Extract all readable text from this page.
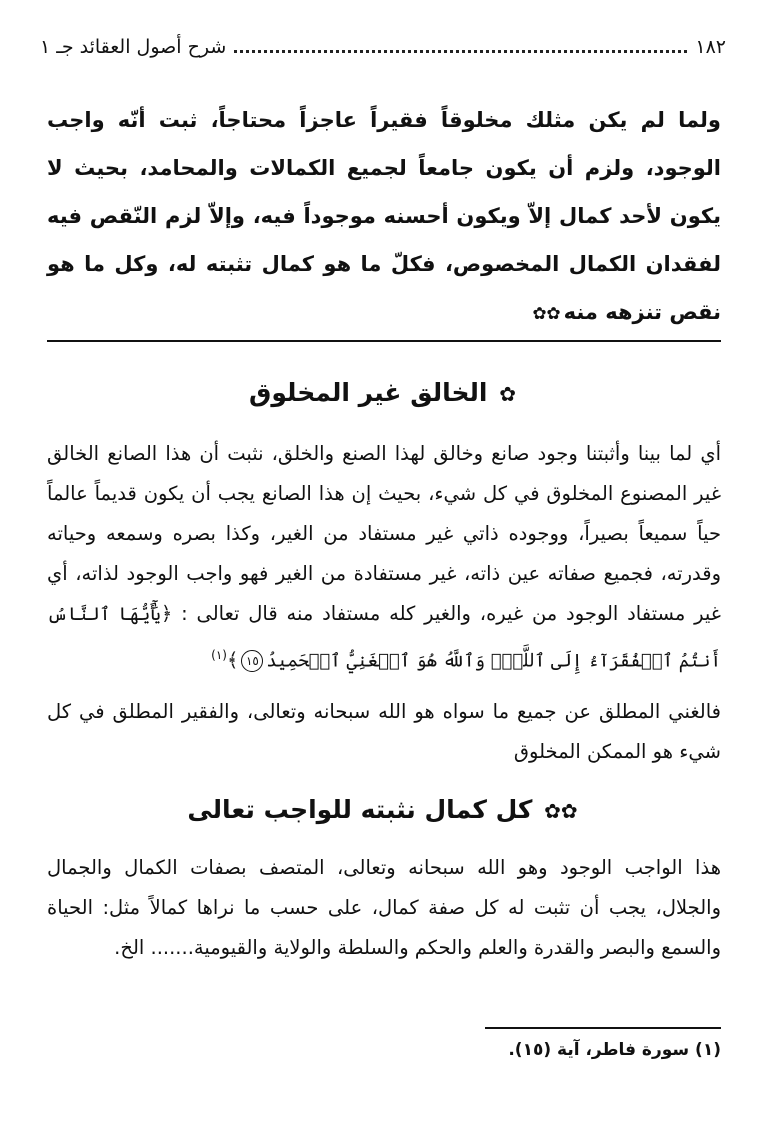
١٨٢
شرح أصول العقائد جـ ١
ولما لم يكن مثلك مخلوقاً فقيراً عاجزاً محتاجاً، ثبت أنّه واجب الوجود، ولزم أن يكون جامعاً لجميع الكمالات والمحامد، بحيث لا يكون لأحد كمال إلاّ ويكون أحسنه موجوداً فيه، وإلاّ لزم النّقص فيه لفقدان الكمال المخصوص، فكلّ ما هو كمال تثبته له، وكل ما هو نقص تنزهه منه✿✿
✿ الخالق غير المخلوق
أي لما بينا وأثبتنا وجود صانع وخالق لهذا الصنع والخلق، نثبت أن هذا الصانع الخالق غير المصنوع المخلوق في كل شيء، بحيث إن هذا الصانع يجب أن يكون قديماً عالماً حياً سميعاً بصيراً، ووجوده ذاتي غير مستفاد من الغير، وكذا بصره وسمعه وحياته وقدرته، فجميع صفاته عين ذاته، غير مستفادة من الغير فهو واجب الوجود لذاته، أي غير مستفاد الوجود من غيره، والغير كله مستفاد منه قال تعالى : ﴿يَٰٓأَيُّهَا ٱلنَّاسُ أَنتُمُ ٱلۡفُقَرَآءُ إِلَى ٱللَّهِۖ وَٱللَّهُ هُوَ ٱلۡغَنِيُّ ٱلۡحَمِيدُ١٥﴾$^{(١)}$
فالغني المطلق عن جميع ما سواه هو الله سبحانه وتعالى، والفقير المطلق في كل شيء هو الممكن المخلوق
✿✿ كل كمال نثبته للواجب تعالى
هذا الواجب الوجود وهو الله سبحانه وتعالى، المتصف بصفات الكمال والجمال والجلال، يجب أن تثبت له كل صفة كمال، على حسب ما نراها كمالاً مثل: الحياة والسمع والبصر والقدرة والعلم والحكم والسلطة والولاية والقيومية....... الخ.
(١) سورة فاطر، آية (١٥).
